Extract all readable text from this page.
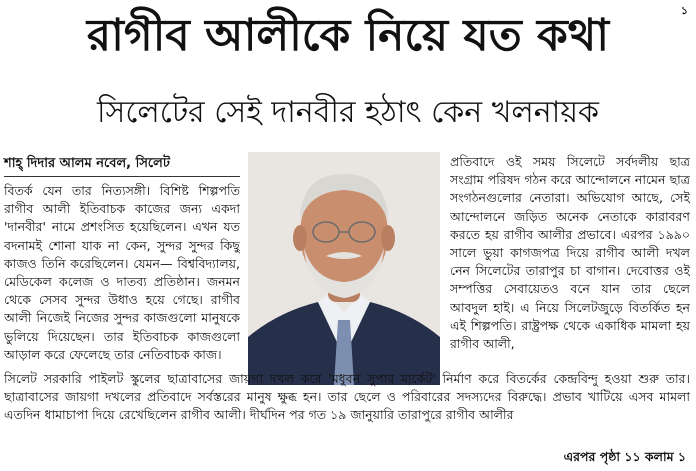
১
রাগীব আলীকে নিয়ে যত কথা
সিলেটের সেই দানবীর হঠাৎ কেন খলনায়ক
শাহ্‌ দিদার আলম নবেল, সিলেট

বিতর্ক যেন তার নিত্যসঙ্গী। বিশিষ্ট শিল্পপতি রাগীব আলী ইতিবাচক কাজের জন্য একদা 'দানবীর' নামে প্রশংসিত হয়েছিলেন। এখন যত বদনামই শোনা যাক না কেন, সুন্দর সুন্দর কিছু কাজও তিনি করেছিলেন। যেমন— বিশ্ববিদ্যালয়, মেডিকেল কলেজ ও দাতব্য প্রতিষ্ঠান। জনমন থেকে সেসব সুন্দর উধাও হয়ে গেছে। রাগীব আলী নিজেই নিজের সুন্দর কাজগুলো মানুষকে ভুলিয়ে দিয়েছেন। তার ইতিবাচক কাজগুলো আড়াল করে ফেলেছে তার নেতিবাচক কাজ।

প্রতিবাদে ওই সময় সিলেটে সর্বদলীয় ছাত্র সংগ্রাম পরিষদ গঠন করে আন্দোলনে নামেন ছাত্র সংগঠনগুলোর নেতারা। অভিযোগ আছে, সেই আন্দোলনে জড়িত অনেক নেতাকে কারাবরণ করতে হয় রাগীব আলীর প্রভাবে। এরপর ১৯৯০ সালে ভুয়া কাগজপত্র দিয়ে রাগীব আলী দখল নেন সিলেটের তারাপুর চা বাগান। দেবোত্তর ওই সম্পত্তির সেবায়েতও বনে যান তার ছেলে আবদুল হাই। এ নিয়ে সিলেটজুড়ে বিতর্কিত হন এই শিল্পপতি। রাষ্ট্রপক্ষ থেকে একাধিক মামলা হয় রাগীব আলী,

সিলেট সরকারি পাইলট স্কুলের ছাত্রাবাসের জায়গা দখল করে 'মধুবন সুপার মার্কেট' নির্মাণ করে বিতর্কের কেন্দ্রবিন্দু হওয়া শুরু তার। ছাত্রাবাসের জায়গা দখলের প্রতিবাদে সর্বস্তরের মানুষ ক্ষুব্ধ হন। তার ছেলে ও পরিবারের সদস্যদের বিরুদ্ধে। প্রভাব খাটিয়ে এসব মামলা এতদিন ধামাচাপা দিয়ে রেখেছিলেন রাগীব আলী। দীর্ঘদিন পর গত ১৯ জানুয়ারি তারাপুরে রাগীব আলীর

এরপর পৃষ্ঠা ১১ কলাম ১
